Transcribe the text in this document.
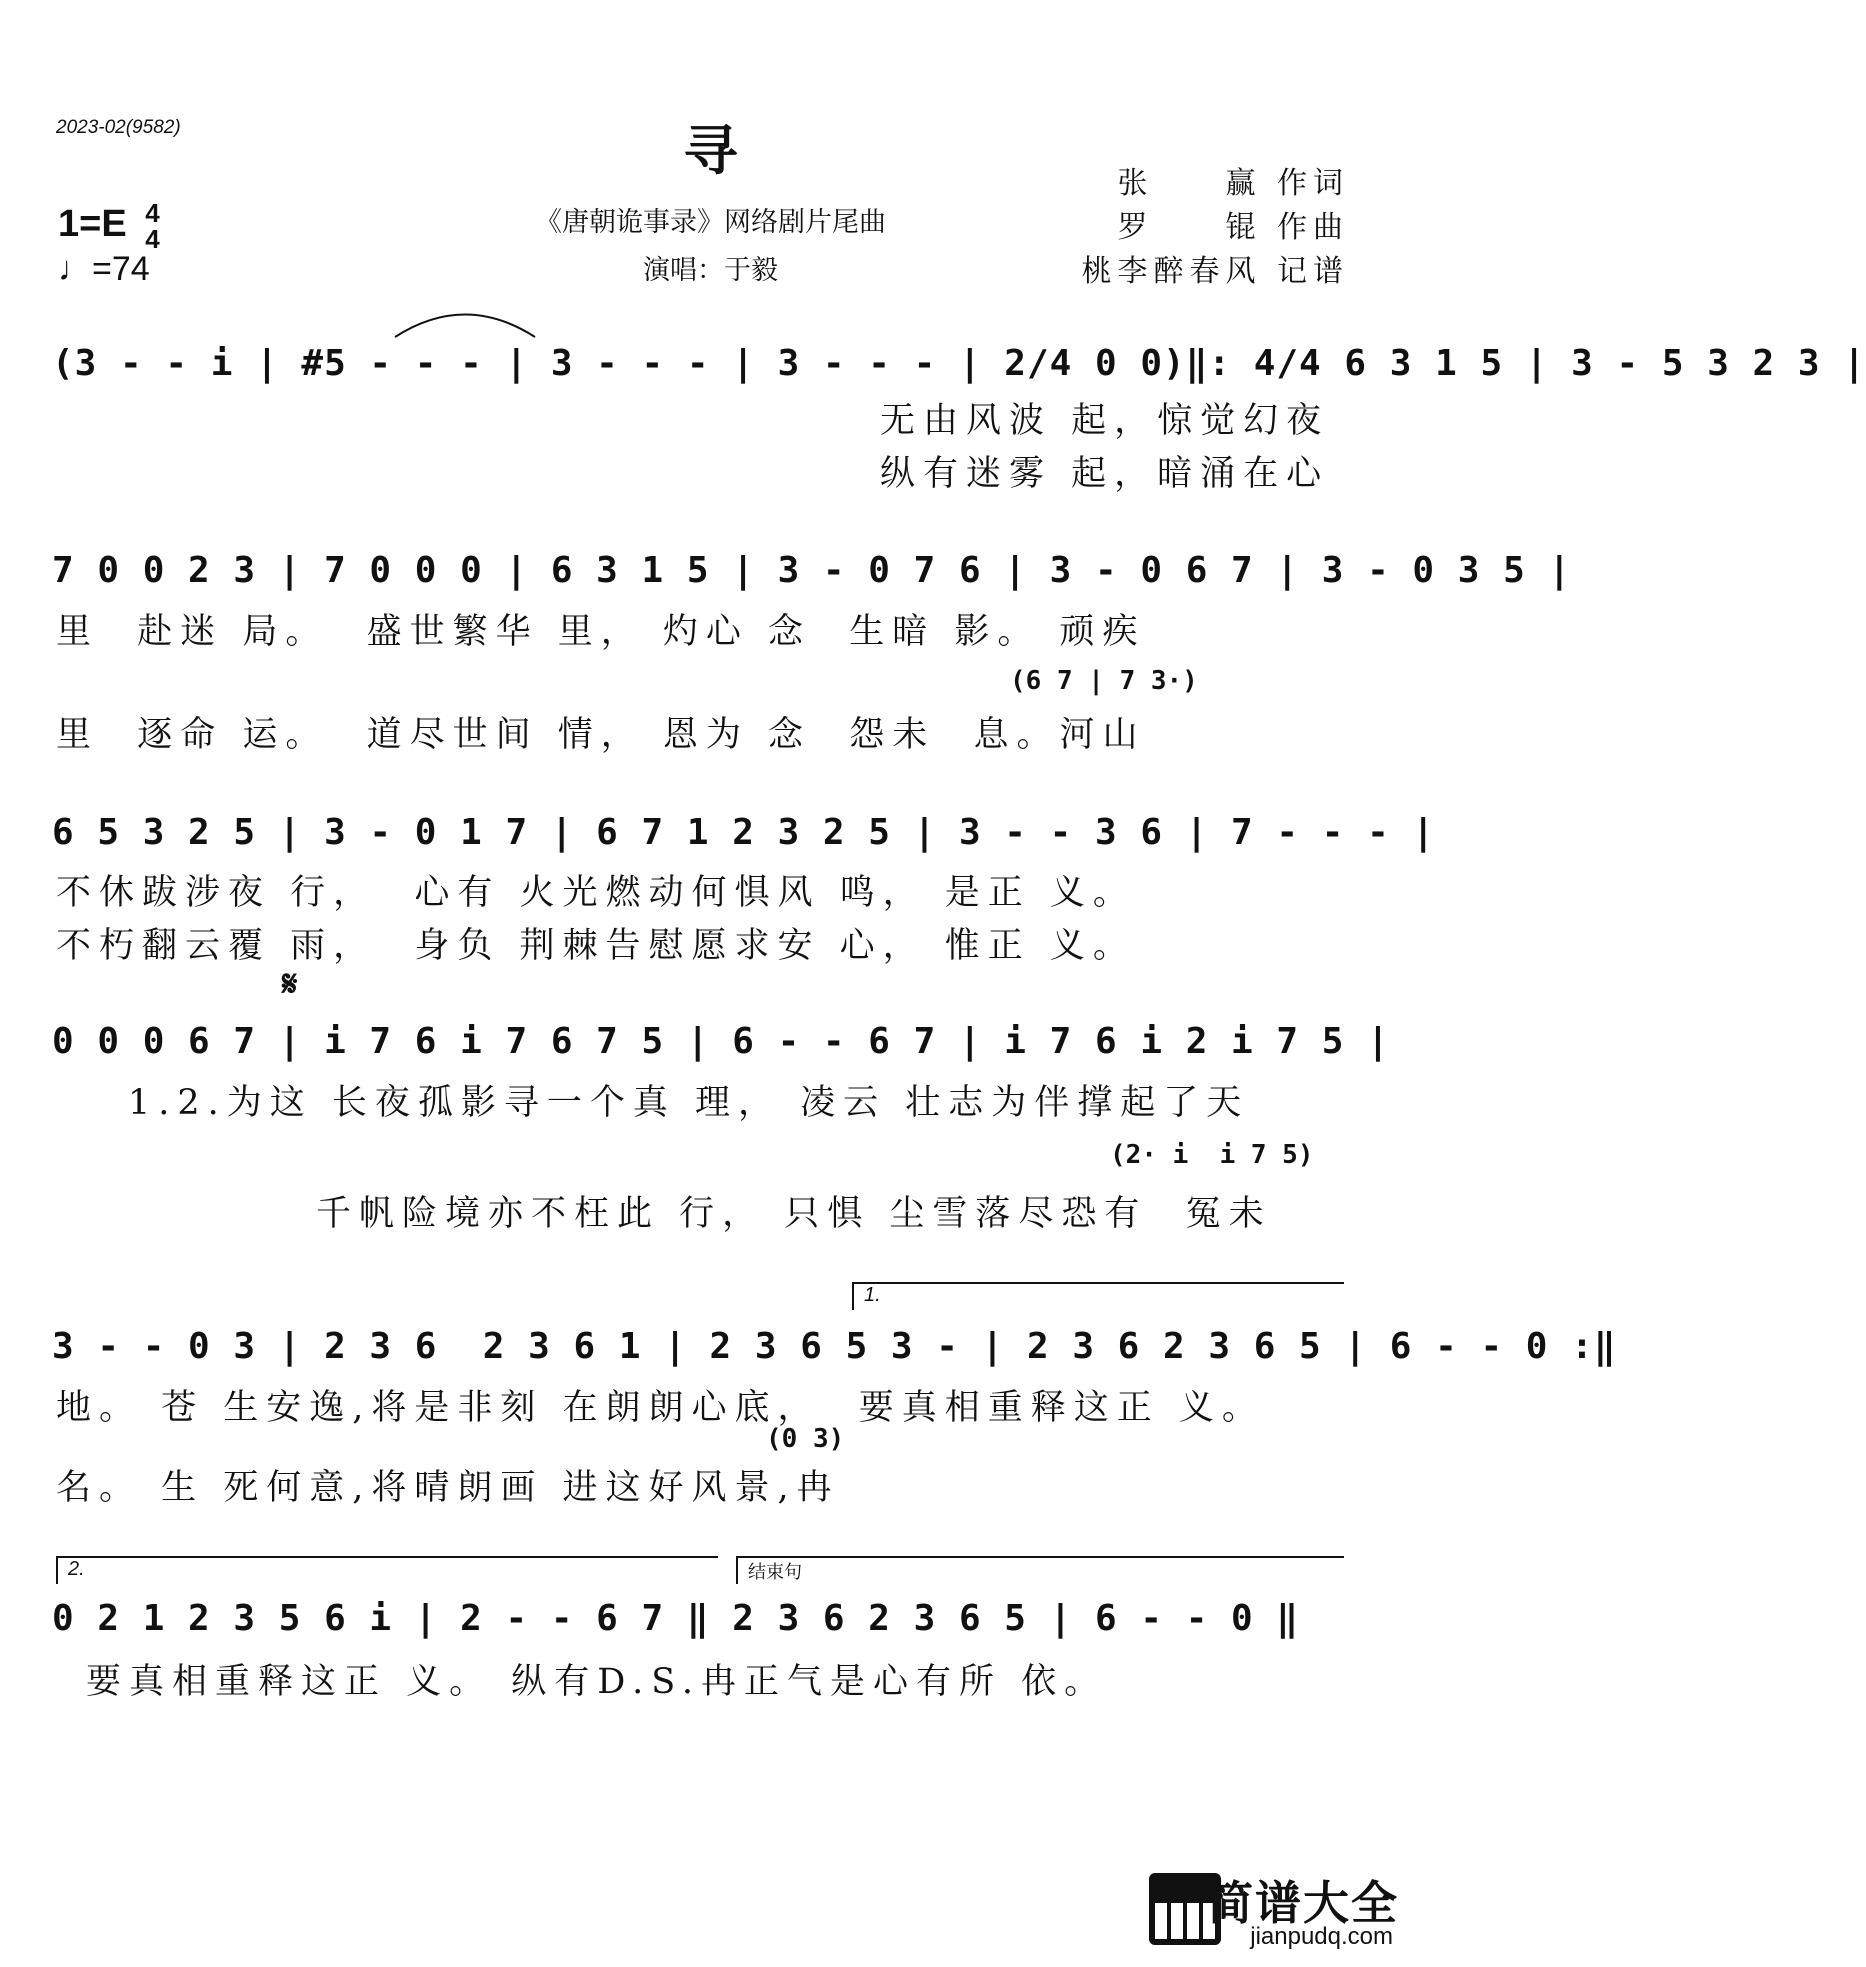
2023-02(9582)	寻
《唐朝诡事录》网络剧片尾曲
演唱：于毅
张　　赢 作词
罗　　锟 作曲
桃李醉春风 记谱
1=E 4
4
♩=74
(3 - - i | #5 - - - | 3 - - - | 3 - - - | 2/4 0 0)‖: 4/4 6 3 1 5 | 3 - 5 3 2 3 |
无由风波 起，惊觉幻夜
纵有迷雾 起，暗涌在心
7 0 0 2 3 | 7 0 0 0 | 6 3 1 5 | 3 - 0 7 6 | 3 - 0 6 7 | 3 - 0 3 5 |
里  赴迷 局。  盛世繁华 里， 灼心 念  生暗 影。 顽疾
(6 7 | 7 3·)
里  逐命 运。  道尽世间 情， 恩为 念  怨未  息。河山
6 5 3 2 5 | 3 - 0 1 7 | 6 7 1 2 3 2 5 | 3 - - 3 6 | 7 - - - |
不休跋涉夜 行，  心有 火光燃动何惧风 鸣， 是正 义。
不朽翻云覆 雨，  身负 荆棘告慰愿求安 心， 惟正 义。
𝄋
0 0 0 6 7 | i 7 6 i 7 6 7 5 | 6 - - 6 7 | i 7 6 i 2 i 7 5 |
1.2.为这 长夜孤影寻一个真 理， 凌云 壮志为伴撑起了天
(2· i  i 7 5)
千帆险境亦不枉此 行， 只惧 尘雪落尽恐有  冤未
1.
3 - - 0 3 | 2 3 6  2 3 6 1 | 2 3 6 5 3 - | 2 3 6 2 3 6 5 | 6 - - 0 :‖
地。 苍 生安逸,将是非刻 在朗朗心底，  要真相重释这正 义。
(0 3)
名。 生 死何意,将晴朗画 进这好风景,冉
2.	结束句
0 2 1 2 3 5 6 i | 2 - - 6 7 ‖ 2 3 6 2 3 6 5 | 6 - - 0 ‖
要真相重释这正 义。 纵有D.S.冉正气是心有所 依。
简谱大全
jianpudq.com
